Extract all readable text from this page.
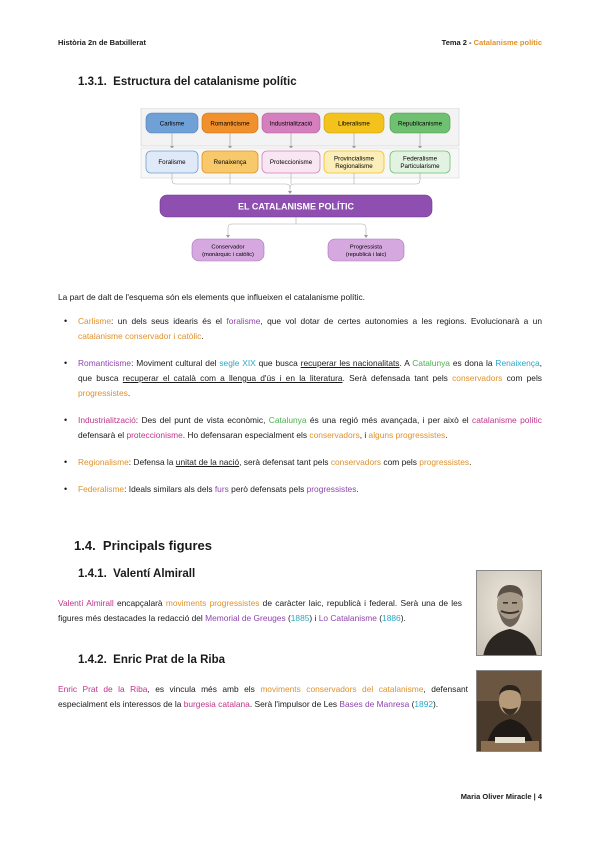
Història 2n de Batxillerat	Tema 2 - Catalanisme polític
1.3.1. Estructura del catalanisme polític
Carlisme	Romanticisme	Industrialització	Liberalisme	Republicanisme
Foralisme	Renaixença	Proteccionisme	Provincialisme
Regionalisme
Federalisme
Particularisme
EL CATALANISME POLÍTIC
Conservador
(monàrquic i catòlic)
Progressista
(republicà i laic)

La part de dalt de l'esquema són els elements que influeixen el catalanisme polític.

• Carlisme: un dels seus idearis és el foralisme, que vol dotar de certes autonomies a les regions. Evolucionarà a un catalanisme conservador i catòlic.
• Romanticisme: Moviment cultural del segle XIX que busca recuperar les nacionalitats. A Catalunya es dona la Renaixença, que busca recuperar el català com a llengua d'ús i en la literatura. Serà defensada tant pels conservadors com pels progressistes.
• Industrialització: Des del punt de vista econòmic, Catalunya és una regió més avançada, i per això el catalanisme polític defensarà el proteccionisme. Ho defensaran especialment els conservadors, i alguns progressistes.
• Regionalisme: Defensa la unitat de la nació, serà defensat tant pels conservadors com pels progressistes.
• Federalisme: Ideals similars als dels furs però defensats pels progressistes.
1.4. Principals figures
1.4.1. Valentí Almirall

Valentí Almirall encapçalarà moviments progressistes de caràcter laic, republicà i federal. Serà una de les figures més destacades la redacció del Memorial de Greuges (1885) i Lo Catalanisme (1886).

1.4.2. Enric Prat de la Riba

Enric Prat de la Riba, es vincula més amb els moviments conservadors del catalanisme, defensant especialment els interessos de la burgesia catalana. Serà l'impulsor de Les Bases de Manresa (1892).

Maria Oliver Miracle | 4
